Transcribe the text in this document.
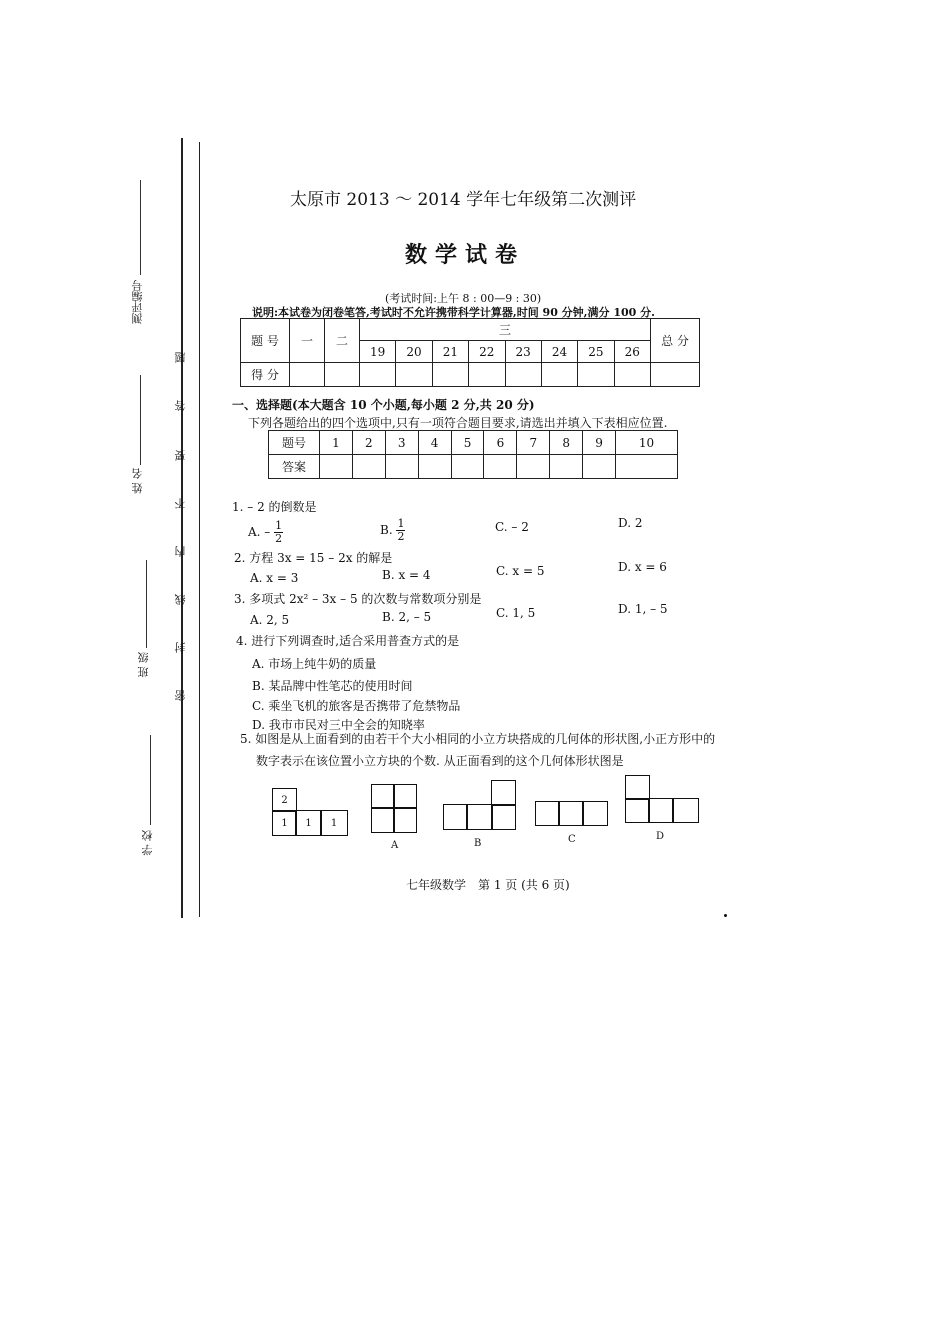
测评编号
姓 名
班 级
学 校
题
答
要
不
内
线
封
密
太原市 2013 ～ 2014 学年七年级第二次测评
数学试卷
(考试时间:上午 8 : 00—9 : 30)
说明:本试卷为闭卷笔答,考试时不允许携带科学计算器,时间 90 分钟,满分 100 分.
题 号	一	二	三								总 分
			19	20	21	22	23	24	25	26	
得 分											
一、选择题(本大题含 10 个小题,每小题 2 分,共 20 分)
下列各题给出的四个选项中,只有一项符合题目要求,请选出并填入下表相应位置.
题号	1	2	3	4	5	6	7	8	9	10
答案										
1. – 2 的倒数是
A. – $\frac{1}{2}$	B. $\frac{1}{2}$	C. – 2	D. 2
2. 方程 3x = 15 – 2x 的解是
A. x = 3	B. x = 4	C. x = 5	D. x = 6
3. 多项式 2x² – 3x – 5 的次数与常数项分别是
A. 2, 5	B. 2, – 5	C. 1, 5	D. 1, – 5
4. 进行下列调查时,适合采用普查方式的是
A. 市场上纯牛奶的质量
B. 某品牌中性笔芯的使用时间
C. 乘坐飞机的旅客是否携带了危禁物品
D. 我市市民对三中全会的知晓率
5. 如图是从上面看到的由若干个大小相同的小立方块搭成的几何体的形状图,小正方形中的
数字表示在该位置小立方块的个数. 从正面看到的这个几何体形状图是
2
1	1	1
A	B	C	D
七年级数学　第 1 页 (共 6 页)
